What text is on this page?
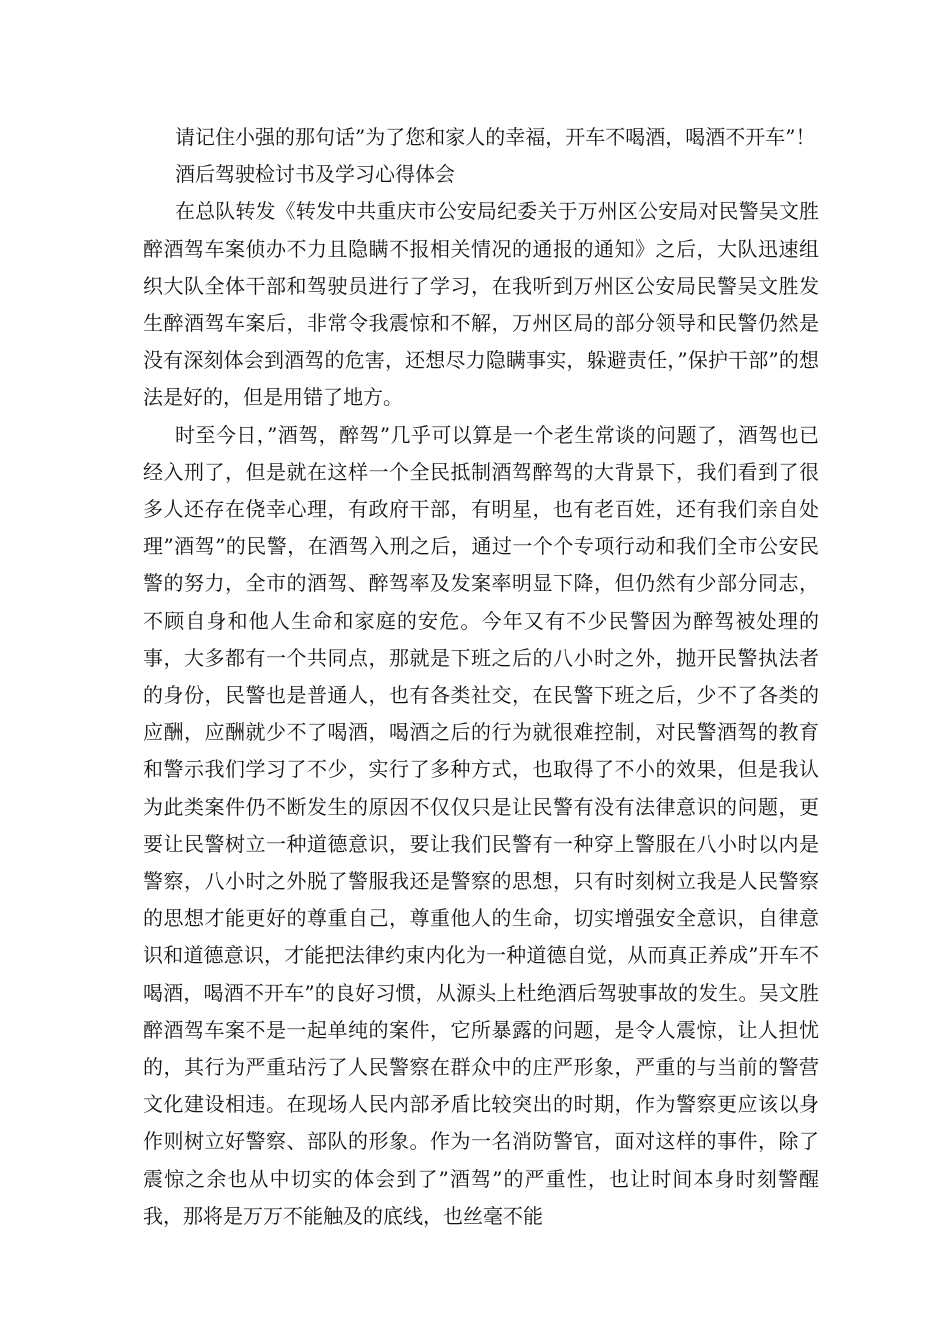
请记住小强的那句话”为了您和家人的幸福，开车不喝酒，喝酒不开车”！

酒后驾驶检讨书及学习心得体会

在总队转发《转发中共重庆市公安局纪委关于万州区公安局对民警吴文胜醉酒驾车案侦办不力且隐瞒不报相关情况的通报的通知》之后，大队迅速组织大队全体干部和驾驶员进行了学习，在我听到万州区公安局民警吴文胜发生醉酒驾车案后，非常令我震惊和不解，万州区局的部分领导和民警仍然是没有深刻体会到酒驾的危害，还想尽力隐瞒事实，躲避责任，”保护干部”的想法是好的，但是用错了地方。

时至今日，”酒驾，醉驾”几乎可以算是一个老生常谈的问题了，酒驾也已经入刑了，但是就在这样一个全民抵制酒驾醉驾的大背景下，我们看到了很多人还存在侥幸心理，有政府干部，有明星，也有老百姓，还有我们亲自处理”酒驾”的民警，在酒驾入刑之后，通过一个个专项行动和我们全市公安民警的努力，全市的酒驾、醉驾率及发案率明显下降，但仍然有少部分同志，不顾自身和他人生命和家庭的安危。今年又有不少民警因为醉驾被处理的事，大多都有一个共同点，那就是下班之后的八小时之外，抛开民警执法者的身份，民警也是普通人，也有各类社交，在民警下班之后，少不了各类的应酬，应酬就少不了喝酒，喝酒之后的行为就很难控制，对民警酒驾的教育和警示我们学习了不少，实行了多种方式，也取得了不小的效果，但是我认为此类案件仍不断发生的原因不仅仅只是让民警有没有法律意识的问题，更要让民警树立一种道德意识，要让我们民警有一种穿上警服在八小时以内是警察，八小时之外脱了警服我还是警察的思想，只有时刻树立我是人民警察的思想才能更好的尊重自己，尊重他人的生命，切实增强安全意识，自律意识和道德意识，才能把法律约束内化为一种道德自觉，从而真正养成”开车不喝酒，喝酒不开车”的良好习惯，从源头上杜绝酒后驾驶事故的发生。吴文胜醉酒驾车案不是一起单纯的案件，它所暴露的问题，是令人震惊，让人担忧的，其行为严重玷污了人民警察在群众中的庄严形象，严重的与当前的警营文化建设相违。在现场人民内部矛盾比较突出的时期，作为警察更应该以身作则树立好警察、部队的形象。作为一名消防警官，面对这样的事件，除了震惊之余也从中切实的体会到了”酒驾”的严重性，也让时间本身时刻警醒我，那将是万万不能触及的底线，也丝毫不能
